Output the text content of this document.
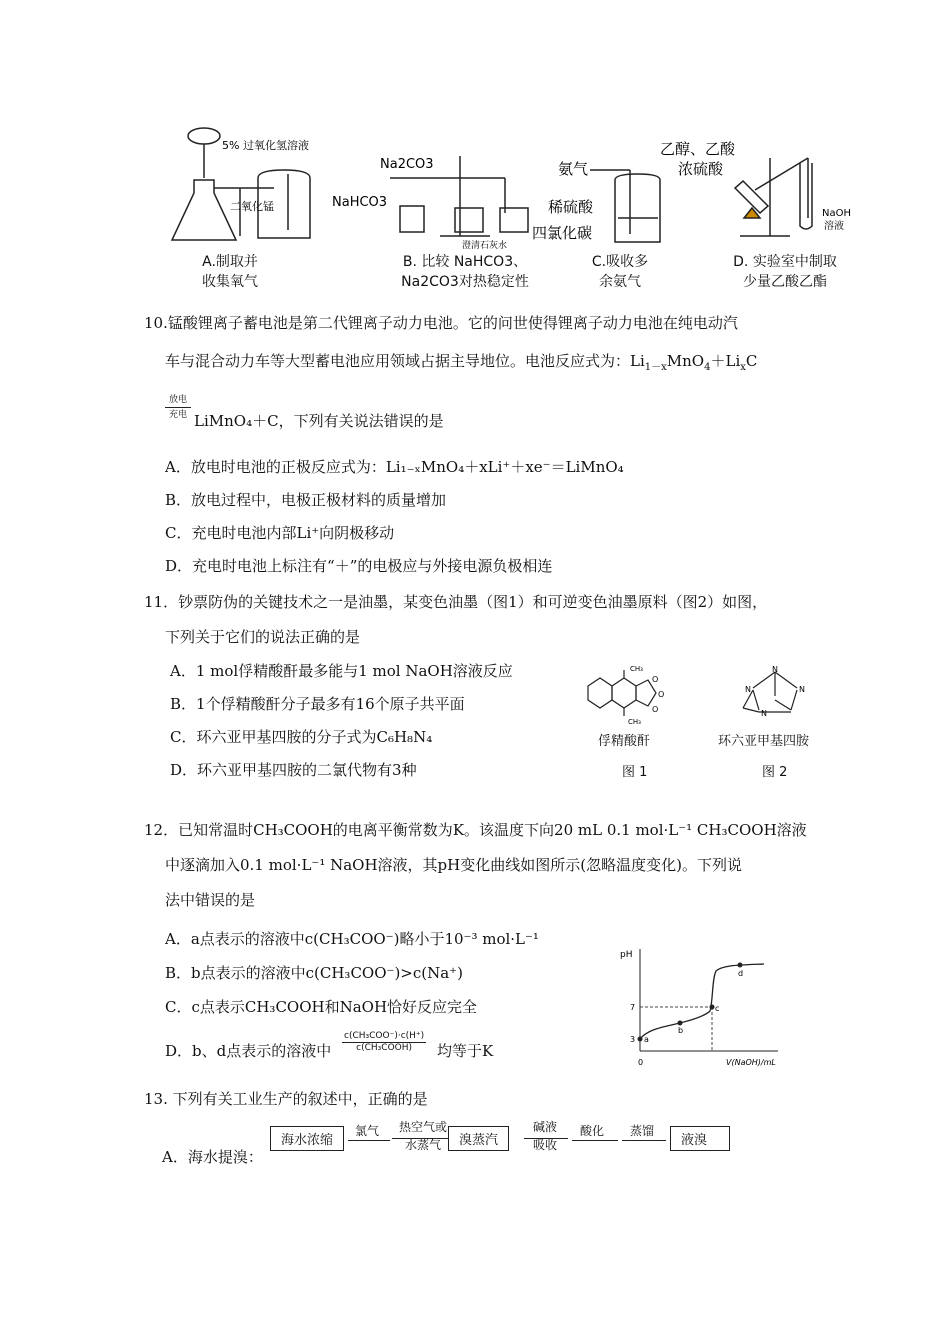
5% 过氧化氢溶液
二氧化锰
Na2CO3
NaHCO3
澄清石灰水
氨气
稀硫酸
四氯化碳
乙醇、乙酸
浓硫酸
NaOH
溶液
A.制取并
收集氧气
B. 比较 NaHCO3、
Na2CO3对热稳定性
C.吸收多
余氨气
D. 实验室中制取
少量乙酸乙酯
10.锰酸锂离子蓄电池是第二代锂离子动力电池。它的问世使得锂离子动力电池在纯电动汽
车与混合动力车等大型蓄电池应用领域占据主导地位。电池反应式为：$Li_{1-x}MnO_4+Li_xC$
放电
充电 LiMnO₄＋C，下列有关说法错误的是
A．放电时电池的正极反应式为：Li₁₋ₓMnO₄＋xLi⁺＋xe⁻＝LiMnO₄
B．放电过程中，电极正极材料的质量增加
C．充电时电池内部Li⁺向阴极移动
D．充电时电池上标注有“＋”的电极应与外接电源负极相连
11．钞票防伪的关键技术之一是油墨，某变色油墨（图1）和可逆变色油墨原料（图2）如图，
下列关于它们的说法正确的是
A．1 mol俘精酸酐最多能与1 mol NaOH溶液反应
B．1个俘精酸酐分子最多有16个原子共平面
C．环六亚甲基四胺的分子式为C₆H₈N₄
D．环六亚甲基四胺的二氯代物有3种
CH₃
CH₃
O
O
O
俘精酸酐
图 1
N
N	N
N
环六亚甲基四胺
图 2
12．已知常温时CH₃COOH的电离平衡常数为K。该温度下向20 mL 0.1 mol·L⁻¹ CH₃COOH溶液
中逐滴加入0.1 mol·L⁻¹ NaOH溶液，其pH变化曲线如图所示(忽略温度变化)。下列说
法中错误的是
A．a点表示的溶液中c(CH₃COO⁻)略小于10⁻³ mol·L⁻¹
B．b点表示的溶液中c(CH₃COO⁻)>c(Na⁺)
C．c点表示CH₃COOH和NaOH恰好反应完全
D．b、d点表示的溶液中
c(CH₃COO⁻)·c(H⁺)
c(CH₃COOH)	均等于K
pH
V(NaOH)/mL
0
3
7
a
b
c
d
13. 下列有关工业生产的叙述中，正确的是
A．海水提溴：
海水浓缩
氯气	热空气或
水蒸气	溴蒸汽
碱液
吸收
酸化 蒸馏
液溴
